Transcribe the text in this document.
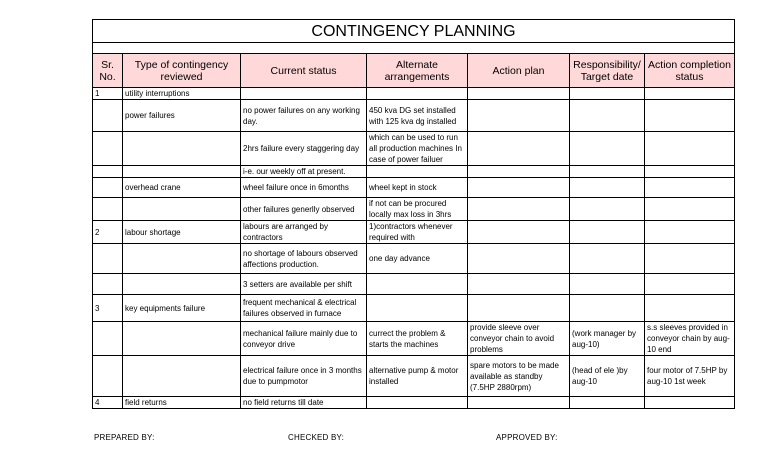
CONTINGENCY PLANNING						

Sr. No.	Type of contingency reviewed	Current status	Alternate arrangements	Action plan	Responsibility/ Target date	Action completion status
1	utility interruptions					
	power failures	no power failures on any working day.	450 kva DG set installed with 125 kva dg installed			
		2hrs failure every staggering day	which can be used to run all production machines In case of power failuer			
		i-e. our weekly off at present.				
	overhead crane	wheel failure once in 6months	wheel kept in stock			
		other failures generlly observed	if not can be procured locally max loss in 3hrs			
2	labour shortage	labours are arranged by contractors	1)contractors whenever required with			
		no shortage of labours observed affections production.	one day advance			
		3 setters are available per shift				
3	key equipments failure	frequent mechanical & electrical failures observed in furnace				
		mechanical failure mainly due to conveyor drive	currect the problem & starts the machines	provide sleeve over conveyor chain to avoid problems	(work manager by aug-10)	s.s sleeves provided in conveyor chain by aug-10 end
		electrical failure once in 3 months due to pumpmotor	alternative pump & motor installed	spare motors to be made available as standby (7.5HP 2880rpm)	(head of ele )by aug-10	four motor of 7.5HP by aug-10 1st week
4	field returns	no field returns till date				
PREPARED BY:	CHECKED BY:	APPROVED BY:
